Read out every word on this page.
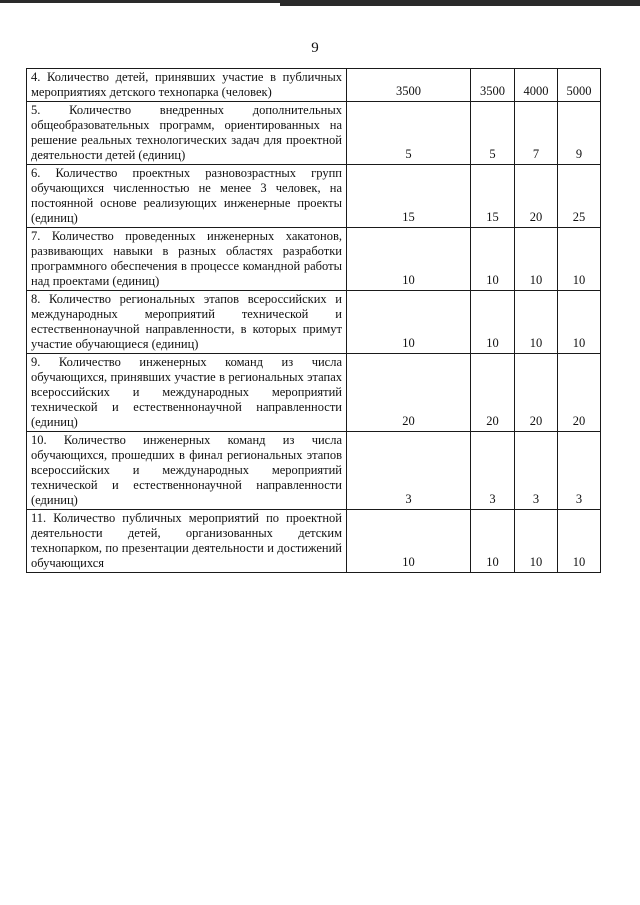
9
4. Количество детей, принявших участие в публичных мероприятиях детского технопарка (человек)	3500	3500	4000	5000
5. Количество внедренных дополнительных общеобразовательных программ, ориентированных на решение реальных технологических задач для проектной деятельности детей (единиц)	5	5	7	9
6. Количество проектных разновозрастных групп обучающихся численностью не менее 3 человек, на постоянной основе реализующих инженерные проекты (единиц)	15	15	20	25
7. Количество проведенных инженерных хакатонов, развивающих навыки в разных областях разработки программного обеспечения в процессе командной работы над проектами (единиц)	10	10	10	10
8. Количество региональных этапов всероссийских и международных мероприятий технической и естественнонаучной направленности, в которых примут участие обучающиеся (единиц)	10	10	10	10
9. Количество инженерных команд из числа обучающихся, принявших участие в региональных этапах всероссийских и международных мероприятий технической и естественнонаучной направленности (единиц)	20	20	20	20
10. Количество инженерных команд из числа обучающихся, прошедших в финал региональных этапов всероссийских и международных мероприятий технической и естественнонаучной направленности (единиц)	3	3	3	3
11. Количество публичных мероприятий по проектной деятельности детей, организованных детским технопарком, по презентации деятельности и достижений обучающихся	10	10	10	10
